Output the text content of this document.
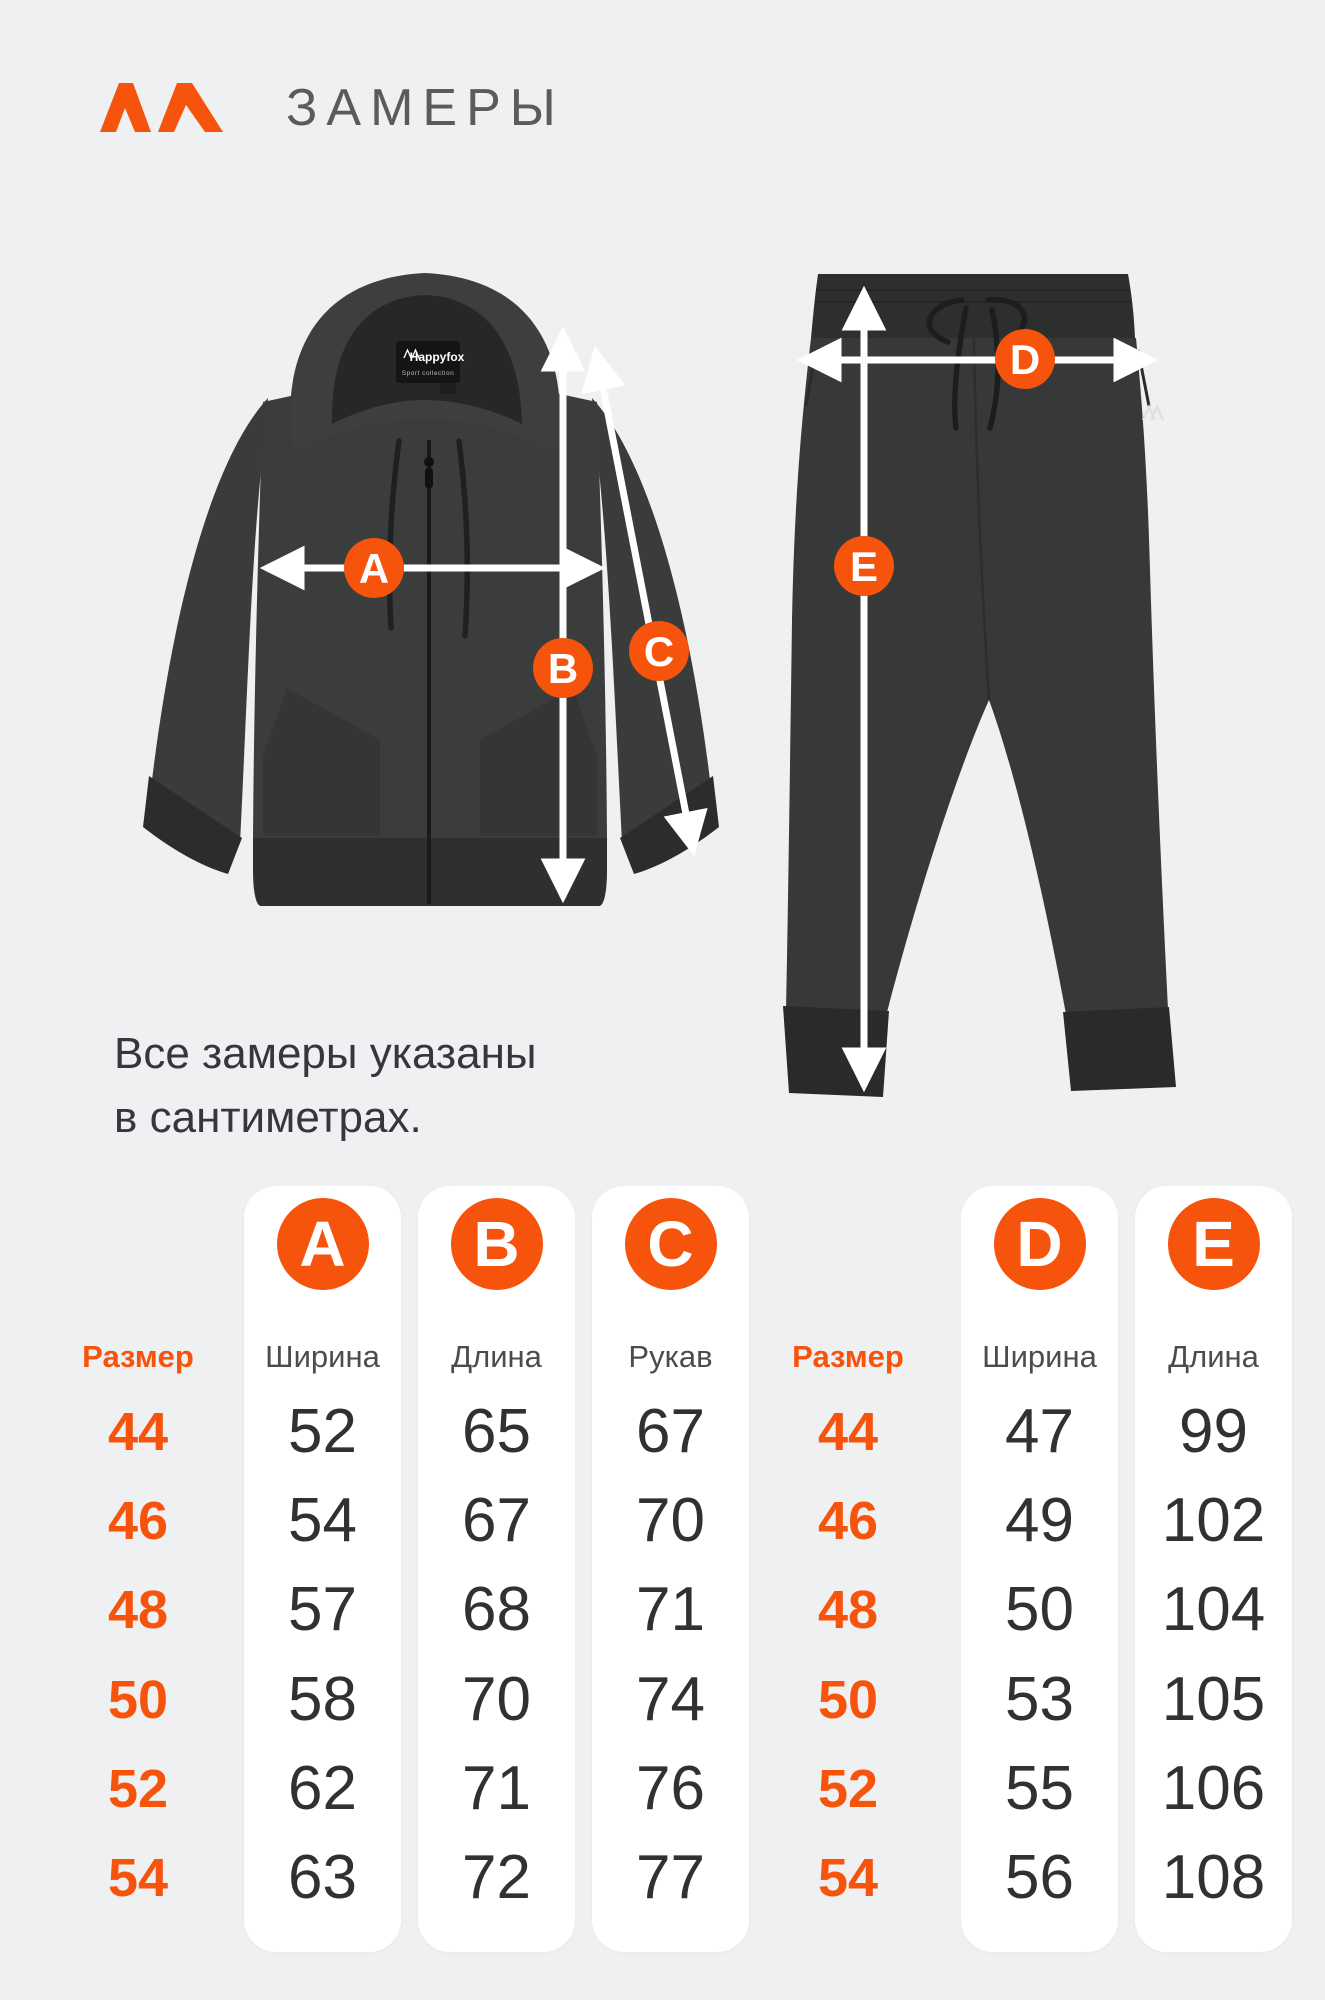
ЗАМЕРЫ
Happyfox
Sport collection
A
B C
D
E
Все замеры указаны
в сантиметрах.
Размер
44
46
48
50
52
54
A
Ширина
52
54
57
58
62
63
B
Длина
65
67
68
70
71
72
C
Рукав
67
70
71
74
76
77
Размер
44
46
48
50
52
54
D
Ширина
47
49
50
53
55
56
E
Длина
99
102
104
105
106
108
